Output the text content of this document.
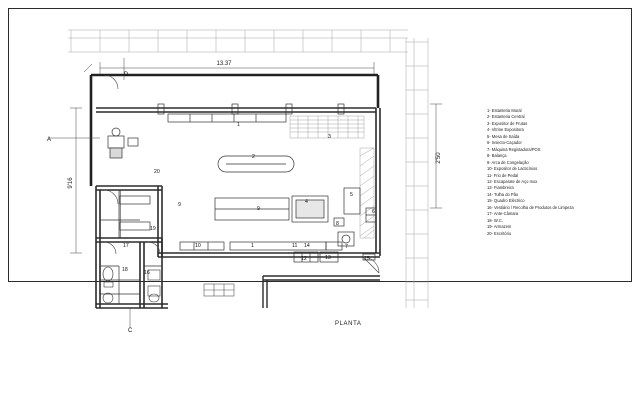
13.37
9'16
2'50
D
A
C
1
3
2
20
9
9
4
5
6
8
7
19
17	10	1	11 14
12	13	15
18	16
PLANTA
1- Estanteria Mural
2- Estanteria Central
3- Expositor de Frutas
4- Vitrine Expositora
5- Mesa de Saída
6- Insecto-Caçador
7- Máquina Registadora/POS
8- Balança
9- Arca de Congelação
10- Expositor de Lacticínios
11- Frio de Pedal
12- Escaparate de Aço Inox
13- Fiambreira
14- Tulha do Pão
15- Quadro Eléctrico
16- Vestiário / Recolha de Produtos de Limpeza
17- Ante-Câmara
18- W.C.
19- Armazem
20- Escritório
